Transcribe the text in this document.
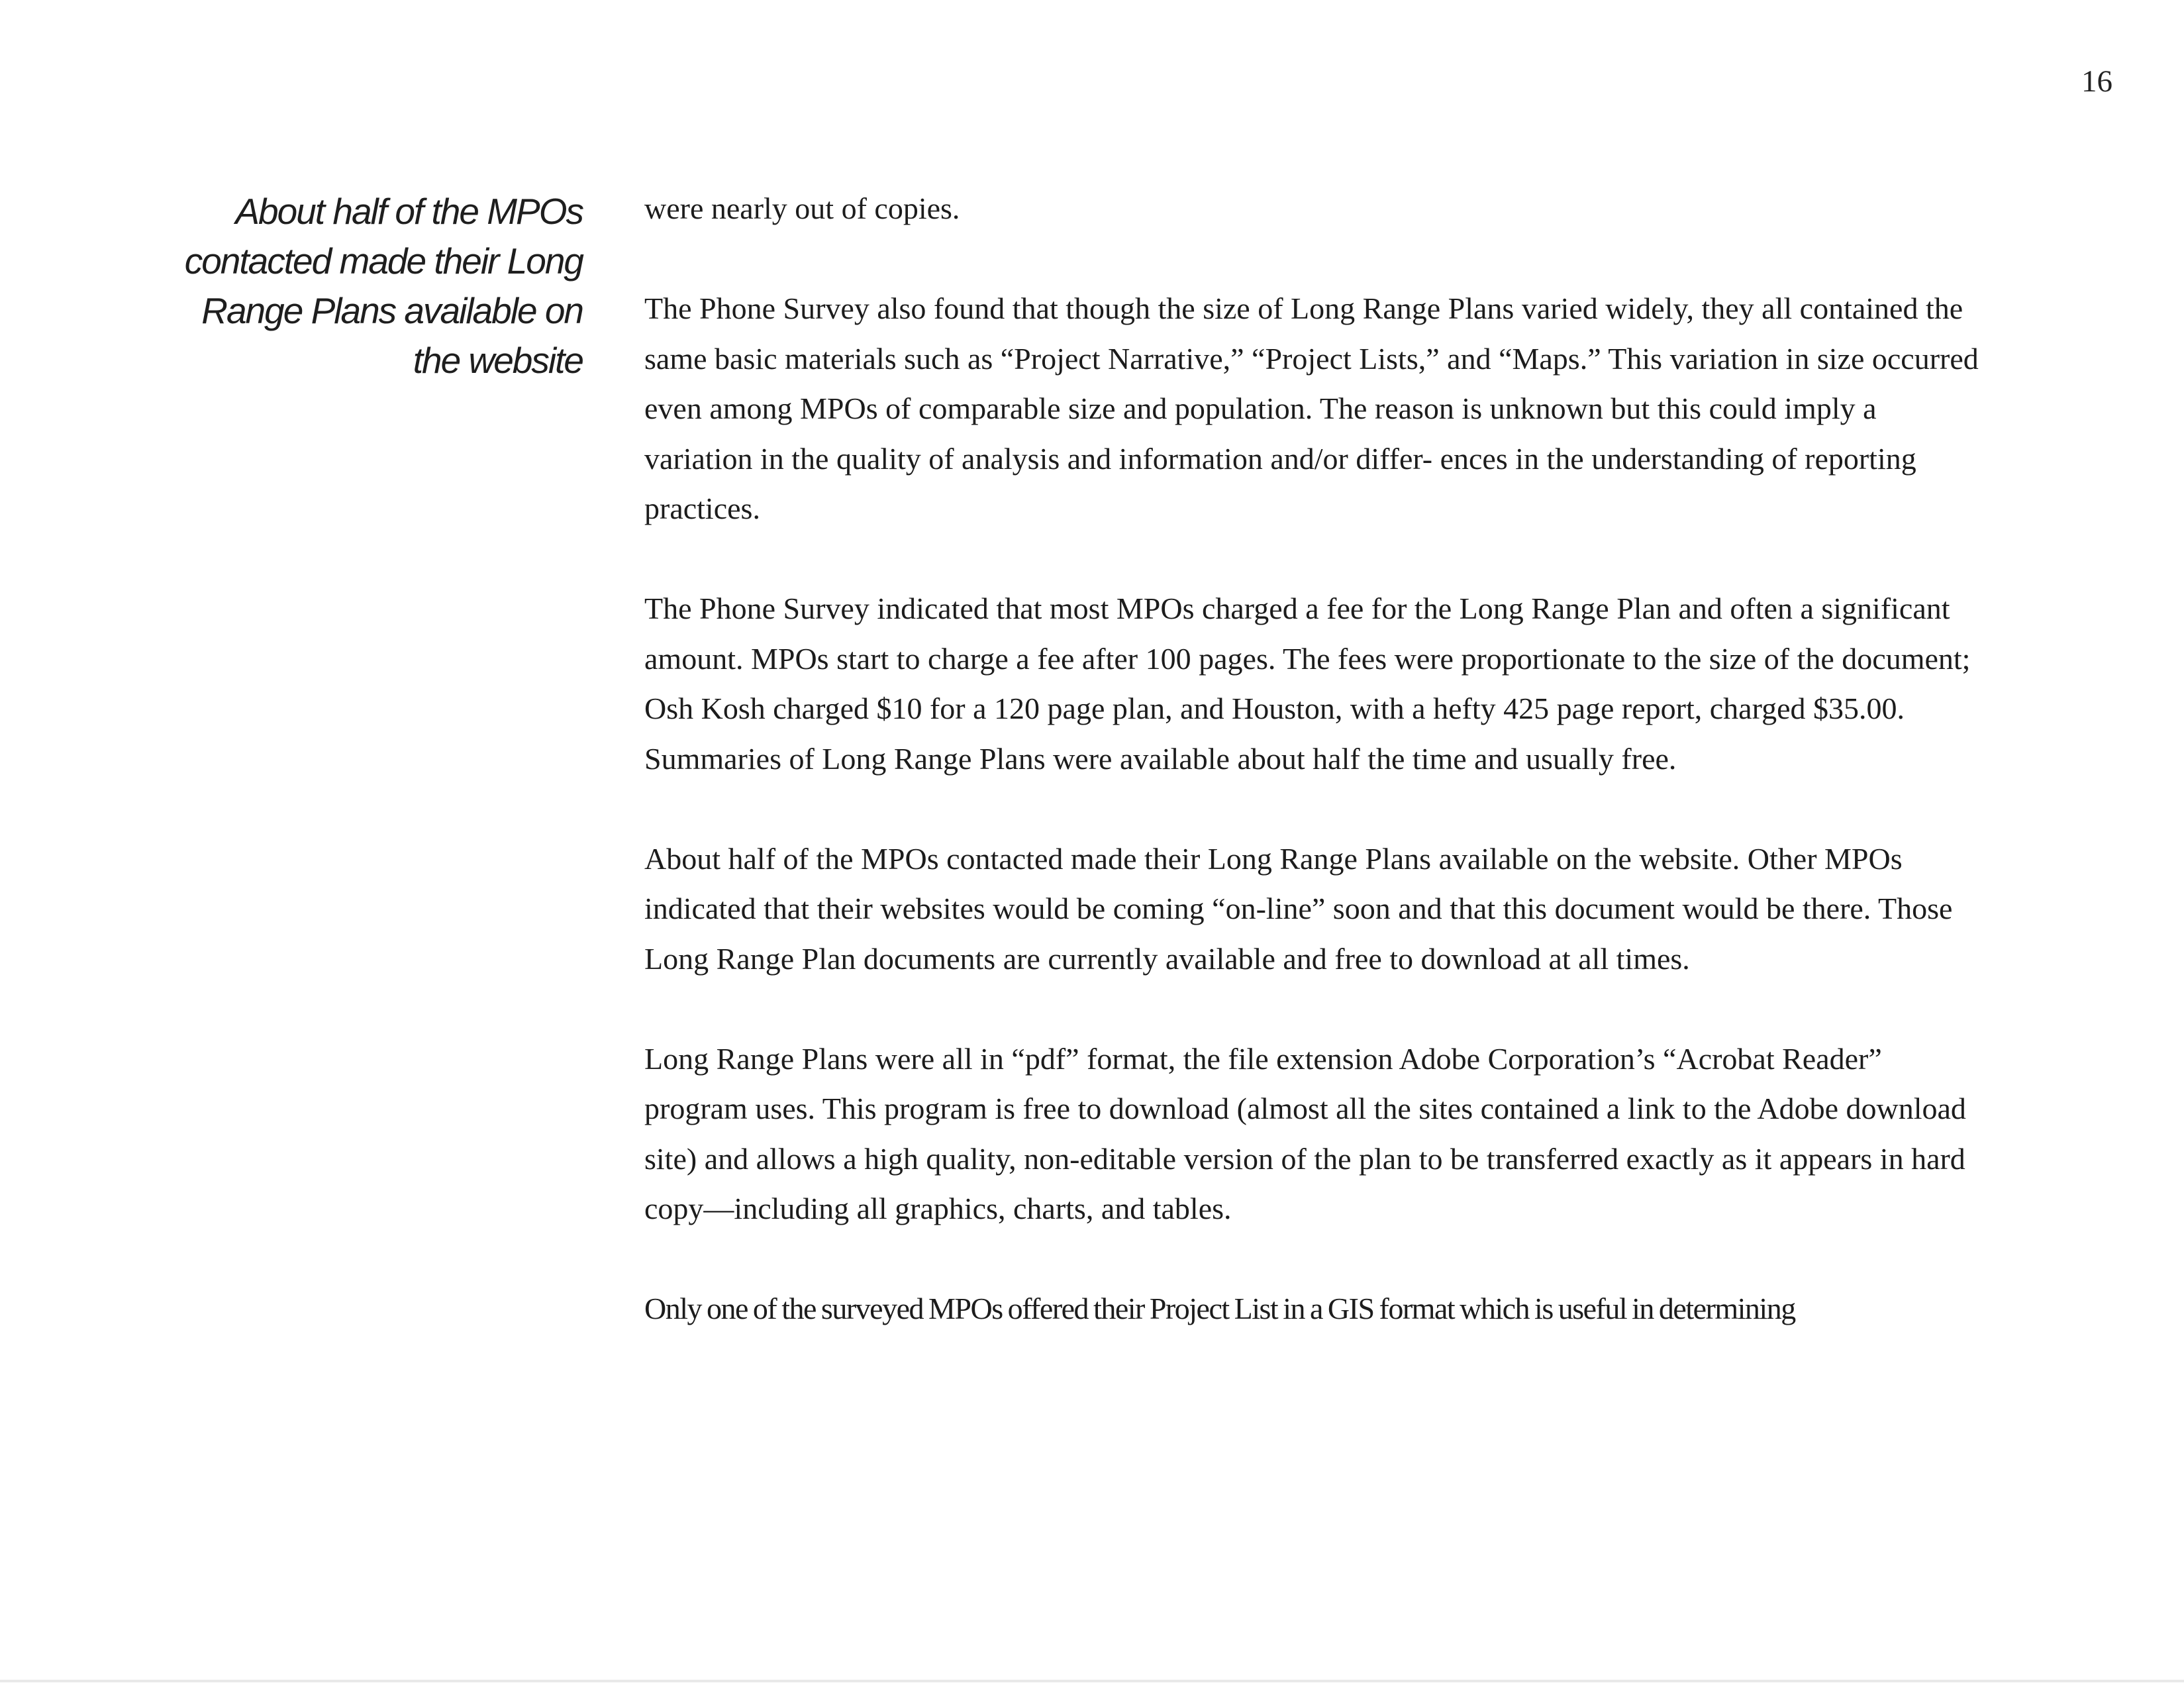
16
About half of the MPOs contacted made their Long Range Plans available on the website

were nearly out of copies.

The Phone Survey also found that though the size of Long Range Plans varied widely, they all contained the same basic materials such as “Project Narrative,” “Project Lists,” and “Maps.” This variation in size occurred even among MPOs of comparable size and population. The reason is unknown but this could imply a variation in the quality of analysis and information and/or differ- ences in the understanding of reporting practices.

The Phone Survey indicated that most MPOs charged a fee for the Long Range Plan and often a significant amount. MPOs start to charge a fee after 100 pages. The fees were proportionate to the size of the document; Osh Kosh charged $10 for a 120 page plan, and Houston, with a hefty 425 page report, charged $35.00. Summaries of Long Range Plans were available about half the time and usually free.

About half of the MPOs contacted made their Long Range Plans available on the website. Other MPOs indicated that their websites would be coming “on-line” soon and that this document would be there. Those Long Range Plan documents are currently available and free to download at all times.

Long Range Plans were all in “pdf” format, the file extension Adobe Corporation’s “Acrobat Reader” program uses. This program is free to download (almost all the sites contained a link to the Adobe download site) and allows a high quality, non-editable version of the plan to be transferred exactly as it appears in hard copy—including all graphics, charts, and tables.

Only one of the surveyed MPOs offered their Project List in a GIS format which is useful in determining
